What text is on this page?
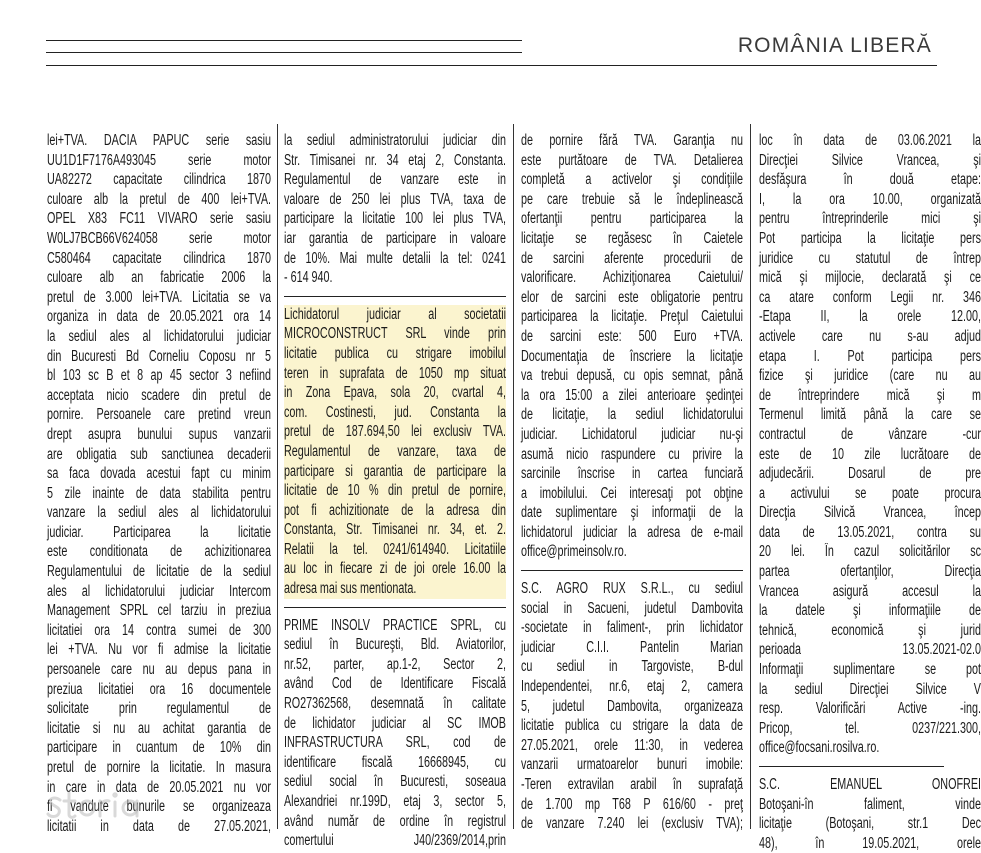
ROMÂNIA LIBERĂ
lei+TVA. DACIA PAPUC serie sasiu
UU1D1F7176A493045 serie motor
UA82272 capacitate cilindrica 1870
culoare alb la pretul de 400 lei+TVA.
OPEL X83 FC11 VIVARO serie sasiu
W0LJ7BCB66V624058 serie motor
C580464 capacitate cilindrica 1870
culoare alb an fabricatie 2006 la
pretul de 3.000 lei+TVA. Licitatia se va
organiza in data de 20.05.2021 ora 14
la sediul ales al lichidatorului judiciar
din Bucuresti Bd Corneliu Coposu nr 5
bl 103 sc B et 8 ap 45 sector 3 nefiind
acceptata nicio scadere din pretul de
pornire. Persoanele care pretind vreun
drept asupra bunului supus vanzarii
are obligatia sub sanctiunea decaderii
sa faca dovada acestui fapt cu minim
5 zile inainte de data stabilita pentru
vanzare la sediul ales al lichidatorului
judiciar. Participarea la licitatie
este conditionata de achizitionarea
Regulamentului de licitatie de la sediul
ales al lichidatorului judiciar Intercom
Management SPRL cel tarziu in preziua
licitatiei ora 14 contra sumei de 300
lei +TVA. Nu vor fi admise la licitatie
persoanele care nu au depus pana in
preziua licitatiei ora 16 documentele
solicitate prin regulamentul de
licitatie si nu au achitat garantia de
participare in cuantum de 10% din
pretul de pornire la licitatie. In masura
in care in data de 20.05.2021 nu vor
fi vandute bunurile se organizeaza
licitatii in data de 27.05.2021,
la sediul administratorului judiciar din
Str. Timisanei nr. 34 etaj 2, Constanta.
Regulamentul de vanzare este in
valoare de 250 lei plus TVA, taxa de
participare la licitatie 100 lei plus TVA,
iar garantia de participare in valoare
de 10%. Mai multe detalii la tel: 0241
- 614 940.
Lichidatorul judiciar al societatii
MICROCONSTRUCT SRL vinde prin
licitatie publica cu strigare imobilul
teren in suprafata de 1050 mp situat
in Zona Epava, sola 20, cvartal 4,
com. Costinesti, jud. Constanta la
pretul de 187.694,50 lei exclusiv TVA.
Regulamentul de vanzare, taxa de
participare si garantia de participare la
licitatie de 10 % din pretul de pornire,
pot fi achizitionate de la adresa din
Constanta, Str. Timisanei nr. 34, et. 2.
Relatii la tel. 0241/614940. Licitatiile
au loc in fiecare zi de joi orele 16.00 la
adresa mai sus mentionata.
PRIME INSOLV PRACTICE SPRL, cu
sediul în Bucureşti, Bld. Aviatorilor,
nr.52, parter, ap.1-2, Sector 2,
având Cod de Identificare Fiscală
RO27362568, desemnată în calitate
de lichidator judiciar al SC IMOB
INFRASTRUCTURA SRL, cod de
identificare fiscală 16668945, cu
sediul social în Bucuresti, soseaua
Alexandriei nr.199D, etaj 3, sector 5,
având număr de ordine în registrul
comertului J40/2369/2014,prin
de pornire fără TVA. Garanţia nu
este purtătoare de TVA. Detalierea
completă a activelor şi condiţiile
pe care trebuie să le îndeplinească
ofertanţii pentru participarea la
licitaţie se regăsesc în Caietele
de sarcini aferente procedurii de
valorificare. Achiziţionarea Caietului/
elor de sarcini este obligatorie pentru
participarea la licitaţie. Preţul Caietului
de sarcini este: 500 Euro +TVA.
Documentaţia de înscriere la licitaţie
va trebui depusă, cu opis semnat, până
la ora 15:00 a zilei anterioare şedinţei
de licitaţie, la sediul lichidatorului
judiciar. Lichidatorul judiciar nu-şi
asumă nicio raspundere cu privire la
sarcinile înscrise in cartea funciară
a imobilului. Cei interesaţi pot obţine
date suplimentare şi informaţii de la
lichidatorul judiciar la adresa de e-mail
office@primeinsolv.ro.
S.C. AGRO RUX S.R.L., cu sediul
social in Sacueni, judetul Dambovita
-societate in faliment-, prin lichidator
judiciar C.I.I. Pantelin Marian
cu sediul in Targoviste, B-dul
Independentei, nr.6, etaj 2, camera
5, judetul Dambovita, organizeaza
licitatie publica cu strigare la data de
27.05.2021, orele 11:30, in vederea
vanzarii urmatoarelor bunuri imobile:
-Teren extravilan arabil în suprafaţă
de 1.700 mp T68 P 616/60 - preţ
de vanzare 7.240 lei (exclusiv TVA);
loc în data de 03.06.2021 la
Direcţiei Silvice Vrancea, şi
desfăşura în două etape:
I, la ora 10.00, organizată
pentru întreprinderile mici şi
Pot participa la licitaţie pers
juridice cu statutul de întrep
mică şi mijlocie, declarată şi ce
ca atare conform Legii nr. 346
-Etapa II, la orele 12.00,
activele care nu s-au adjud
etapa I. Pot participa pers
fizice şi juridice (care nu au
de întreprindere mică şi m
Termenul limită până la care se
contractul de vânzare -cur
este de 10 zile lucrătoare de
adjudecării. Dosarul de pre
a activului se poate procura
Direcţia Silvică Vrancea, încep
data de 13.05.2021, contra su
20 lei. În cazul solicitărilor sc
partea ofertanţilor, Direcţia
Vrancea asigură accesul la
la datele şi informaţiile de
tehnică, economică şi jurid
perioada 13.05.2021-02.0
Informaţii suplimentare se pot
la sediul Direcţiei Silvice V
resp. Valorificări Active -ing.
Pricop, tel. 0237/221.300,
office@focsani.rosilva.ro.
S.C. EMANUEL ONOFREI
Botoşani-în faliment, vinde
licitaţie (Botoşani, str.1 Dec
48), în 19.05.2021, orele
